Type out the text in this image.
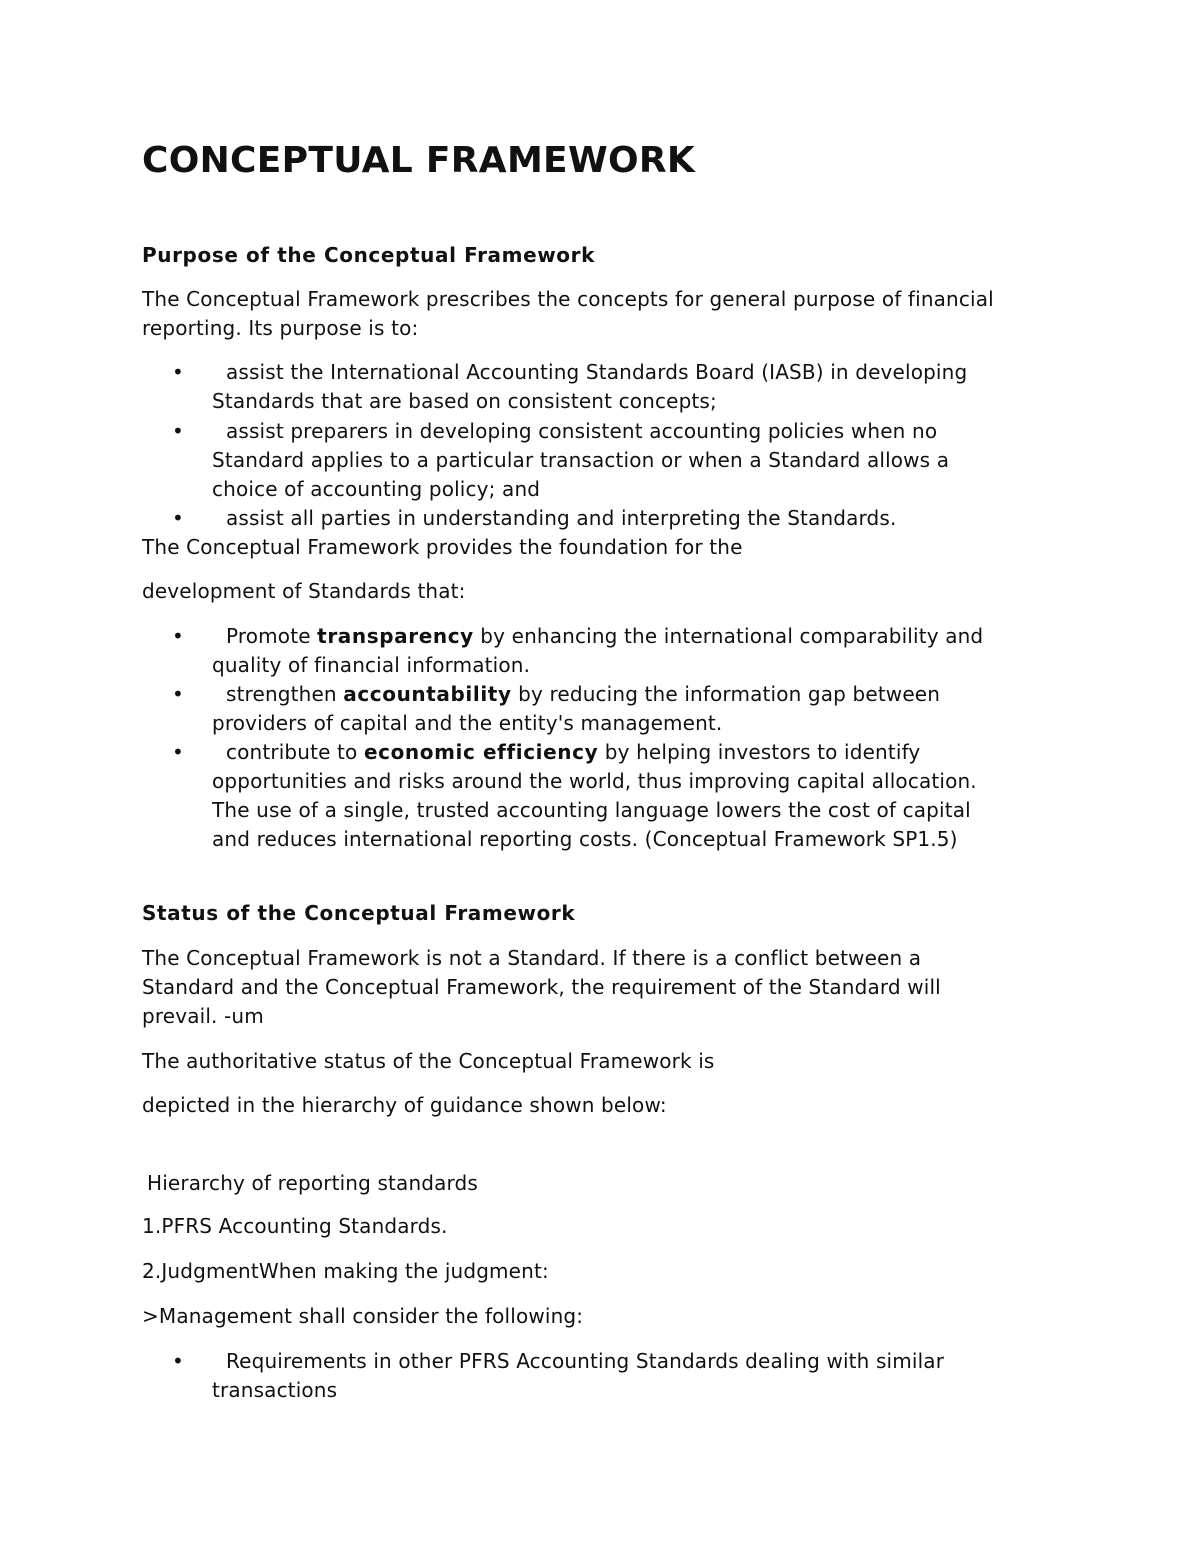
CONCEPTUAL FRAMEWORK
Purpose of the Conceptual Framework
The Conceptual Framework prescribes the concepts for general purpose of financial
reporting. Its purpose is to:
•	assist the International Accounting Standards Board (IASB) in developing
Standards that are based on consistent concepts;
•	assist preparers in developing consistent accounting policies when no
Standard applies to a particular transaction or when a Standard allows a
choice of accounting policy; and
•	assist all parties in understanding and interpreting the Standards.
The Conceptual Framework provides the foundation for the
development of Standards that:
•	Promote transparency by enhancing the international comparability and
quality of financial information.
•	strengthen accountability by reducing the information gap between
providers of capital and the entity's management.
•	contribute to economic efficiency by helping investors to identify
opportunities and risks around the world, thus improving capital allocation.
The use of a single, trusted accounting language lowers the cost of capital
and reduces international reporting costs. (Conceptual Framework SP1.5)
Status of the Conceptual Framework
The Conceptual Framework is not a Standard. If there is a conflict between a
Standard and the Conceptual Framework, the requirement of the Standard will
prevail. -um
The authoritative status of the Conceptual Framework is
depicted in the hierarchy of guidance shown below:
Hierarchy of reporting standards
1.PFRS Accounting Standards.
2.JudgmentWhen making the judgment:
>Management shall consider the following:
•	Requirements in other PFRS Accounting Standards dealing with similar
transactions
